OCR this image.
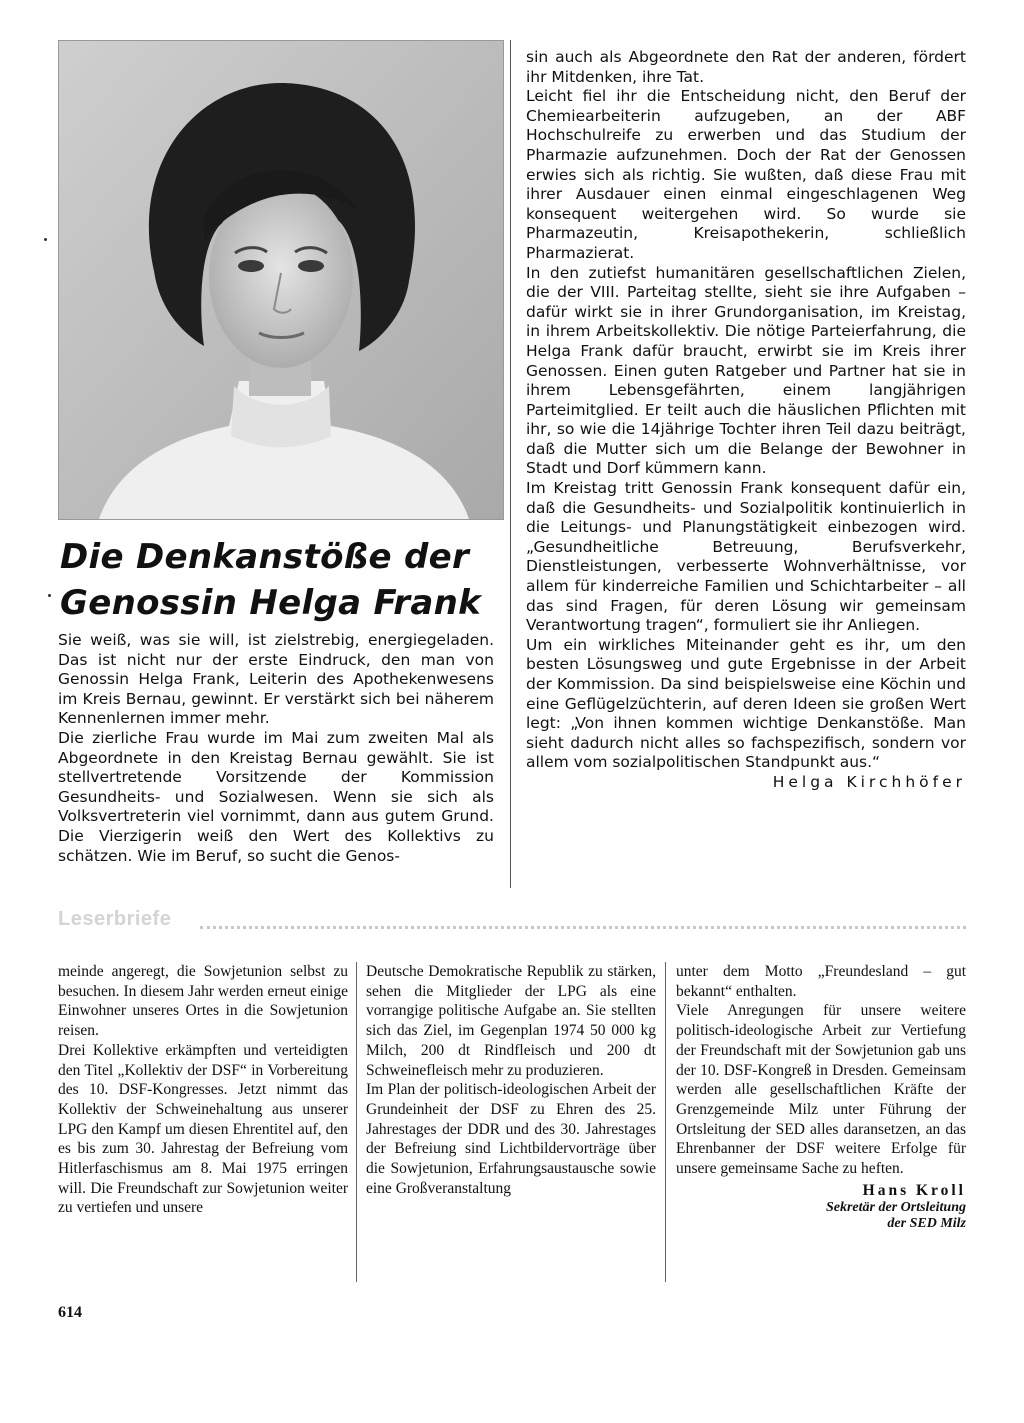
Die Denkanstöße der
Genossin Helga Frank

Sie weiß, was sie will, ist zielstrebig, energiegeladen. Das ist nicht nur der erste Eindruck, den man von Genossin Helga Frank, Leiterin des Apothekenwesens im Kreis Bernau, gewinnt. Er verstärkt sich bei näherem Kennenlernen immer mehr.

Die zierliche Frau wurde im Mai zum zweiten Mal als Abgeordnete in den Kreistag Bernau gewählt. Sie ist stellvertretende Vorsitzende der Kommission Gesundheits- und Sozialwesen. Wenn sie sich als Volksvertreterin viel vornimmt, dann aus gutem Grund. Die Vierzigerin weiß den Wert des Kollektivs zu schätzen. Wie im Beruf, so sucht die Genos-

sin auch als Abgeordnete den Rat der anderen, fördert ihr Mitdenken, ihre Tat.

Leicht fiel ihr die Entscheidung nicht, den Beruf der Chemiearbeiterin aufzugeben, an der ABF Hochschulreife zu erwerben und das Studium der Pharmazie aufzunehmen. Doch der Rat der Genossen erwies sich als richtig. Sie wußten, daß diese Frau mit ihrer Ausdauer einen einmal eingeschlagenen Weg konsequent weitergehen wird. So wurde sie Pharmazeutin, Kreisapothekerin, schließlich Pharmazierat.

In den zutiefst humanitären gesellschaftlichen Zielen, die der VIII. Parteitag stellte, sieht sie ihre Aufgaben – dafür wirkt sie in ihrer Grundorganisation, im Kreistag, in ihrem Arbeitskollektiv. Die nötige Parteierfahrung, die Helga Frank dafür braucht, erwirbt sie im Kreis ihrer Genossen. Einen guten Ratgeber und Partner hat sie in ihrem Lebensgefährten, einem langjährigen Parteimitglied. Er teilt auch die häuslichen Pflichten mit ihr, so wie die 14jährige Tochter ihren Teil dazu beiträgt, daß die Mutter sich um die Belange der Bewohner in Stadt und Dorf kümmern kann.

Im Kreistag tritt Genossin Frank konsequent dafür ein, daß die Gesundheits- und Sozialpolitik kontinuierlich in die Leitungs- und Planungstätigkeit einbezogen wird. „Gesundheitliche Betreuung, Berufsverkehr, Dienstleistungen, verbesserte Wohnverhältnisse, vor allem für kinderreiche Familien und Schichtarbeiter – all das sind Fragen, für deren Lösung wir gemeinsam Verantwortung tragen“, formuliert sie ihr Anliegen.

Um ein wirkliches Miteinander geht es ihr, um den besten Lösungsweg und gute Ergebnisse in der Arbeit der Kommission. Da sind beispielsweise eine Köchin und eine Geflügelzüchterin, auf deren Ideen sie großen Wert legt: „Von ihnen kommen wichtige Denkanstöße. Man sieht dadurch nicht alles so fachspezifisch, sondern vor allem vom sozialpolitischen Standpunkt aus.“

Helga Kirchhöfer

Leserbriefe

meinde angeregt, die Sowjetunion selbst zu besuchen. In diesem Jahr werden erneut einige Einwohner unseres Ortes in die Sowjetunion reisen.

Drei Kollektive erkämpften und verteidigten den Titel „Kollektiv der DSF“ in Vorbereitung des 10. DSF-Kongresses. Jetzt nimmt das Kollektiv der Schweinehaltung aus unserer LPG den Kampf um diesen Ehrentitel auf, den es bis zum 30. Jahrestag der Befreiung vom Hitlerfaschismus am 8. Mai 1975 erringen will. Die Freundschaft zur Sowjetunion weiter zu vertiefen und unsere

Deutsche Demokratische Republik zu stärken, sehen die Mitglieder der LPG als eine vorrangige politische Aufgabe an. Sie stellten sich das Ziel, im Gegenplan 1974 50 000 kg Milch, 200 dt Rindfleisch und 200 dt Schweinefleisch mehr zu produzieren.

Im Plan der politisch-ideologischen Arbeit der Grundeinheit der DSF zu Ehren des 25. Jahrestages der DDR und des 30. Jahrestages der Befreiung sind Lichtbildervorträge über die Sowjetunion, Erfahrungsaustausche sowie eine Großveranstaltung

unter dem Motto „Freundesland – gut bekannt“ enthalten.

Viele Anregungen für unsere weitere politisch-ideologische Arbeit zur Vertiefung der Freundschaft mit der Sowjetunion gab uns der 10. DSF-Kongreß in Dresden. Gemeinsam werden alle gesellschaftlichen Kräfte der Grenzgemeinde Milz unter Führung der Ortsleitung der SED alles daransetzen, an das Ehrenbanner der DSF weitere Erfolge für unsere gemeinsame Sache zu heften.

Hans Kroll

Sekretär der Ortsleitung

der SED Milz

614
